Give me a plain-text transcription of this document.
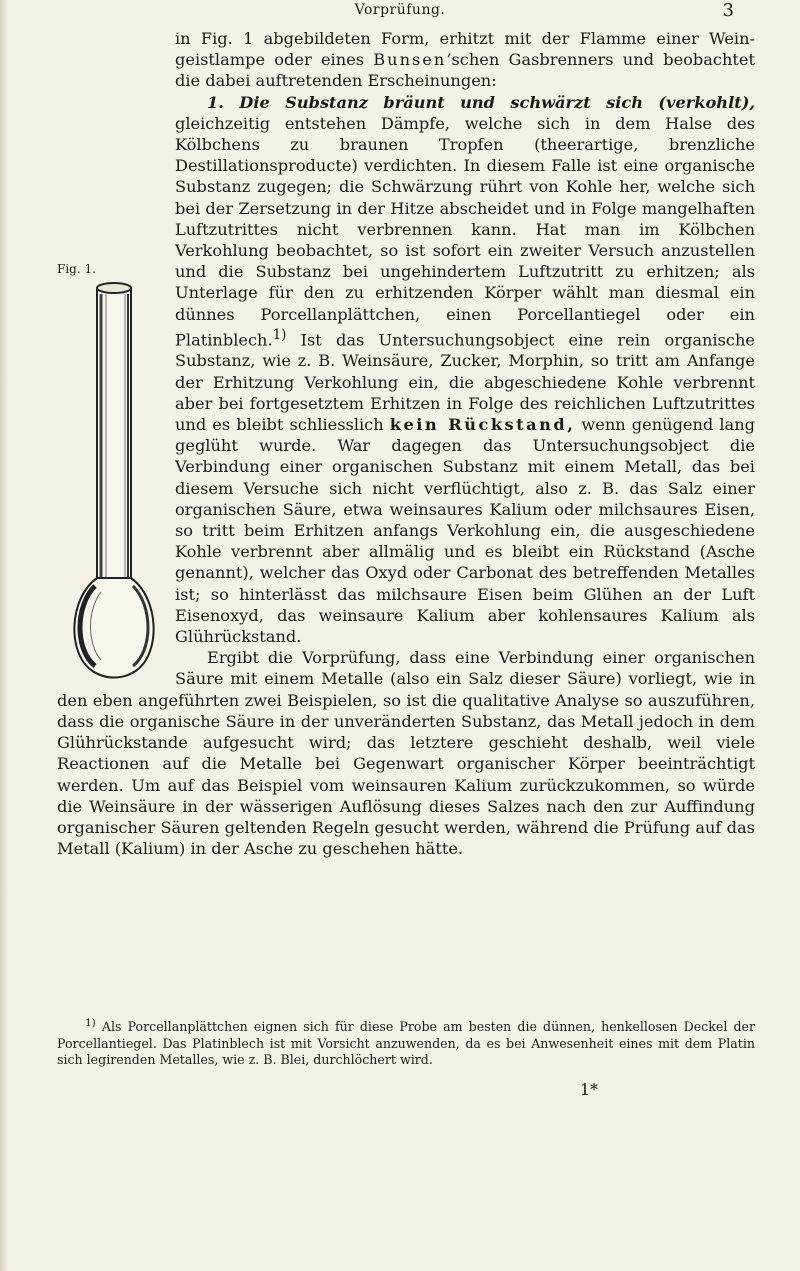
Vorprüfung.	3

in Fig. 1 abgebildeten Form, erhitzt mit der Flamme einer Wein- geistlampe oder eines Bunsen’schen Gasbrenners und beobachtet die dabei auftretenden Erscheinungen:

1. Die Substanz bräunt und schwärzt sich (verkohlt), gleichzeitig entstehen Dämpfe, welche sich in dem Halse des Kölbchens zu braunen Tropfen (theerartige, brenzliche Destillationsproducte) verdichten. In diesem Falle ist eine organische Substanz zugegen; die Schwärzung rührt von Kohle her, welche sich bei der Zersetzung in der Hitze abscheidet und in Folge mangelhaften Luftzutrittes nicht verbrennen kann. Hat man im Kölbchen Verkohlung beobachtet, so ist sofort ein zweiter Versuch anzustellen und die Substanz bei ungehindertem Luftzutritt zu erhitzen; als Unterlage für den zu erhitzenden Körper wählt man diesmal ein dünnes Porcellanplättchen, einen Porcellantiegel oder ein Platinblech.$^{1)}$ Ist das Untersuchungsobject eine rein organische Substanz, wie z. B. Weinsäure, Zucker, Morphin, so tritt am Anfange der Erhitzung Verkohlung ein, die abgeschiedene Kohle verbrennt aber bei fortgesetztem Erhitzen in Folge des reichlichen Luftzutrittes und es bleibt schliesslich kein Rückstand, wenn genügend lang geglüht wurde. War dagegen das Untersuchungsobject die Verbindung einer organischen Substanz mit einem Metall, das bei diesem Versuche sich nicht verflüchtigt, also z. B. das Salz einer organischen Säure, etwa weinsaures Kalium oder milchsaures Eisen, so tritt beim Erhitzen anfangs Verkohlung ein, die ausgeschiedene Kohle verbrennt aber allmälig und es bleibt ein Rückstand (Asche genannt), welcher das Oxyd oder Carbonat des betreffenden Metalles ist; so hinterlässt das milchsaure Eisen beim Glühen an der Luft Eisenoxyd, das weinsaure Kalium aber kohlensaures Kalium als Glührückstand.

Ergibt die Vorprüfung, dass eine Verbindung einer organischen Säure mit einem Metalle (also ein Salz dieser Säure) vorliegt, wie in den eben angeführten zwei Beispielen, so ist die qualitative Analyse so auszuführen, dass die organische Säure in der unveränderten Substanz, das Metall jedoch in dem Glührückstande aufgesucht wird; das letztere geschieht deshalb, weil viele Reactionen auf die Metalle bei Gegenwart organischer Körper beeinträchtigt werden. Um auf das Beispiel vom weinsauren Kalium zurückzukommen, so würde die Weinsäure in der wässerigen Auflösung dieses Salzes nach den zur Auffindung organischer Säuren geltenden Regeln gesucht werden, während die Prüfung auf das Metall (Kalium) in der Asche zu geschehen hätte.

Fig. 1.

$^{1)}$ Als Porcellanplättchen eignen sich für diese Probe am besten die dünnen, henkellosen Deckel der Porcellantiegel. Das Platinblech ist mit Vorsicht anzuwenden, da es bei Anwesenheit eines mit dem Platin sich legirenden Metalles, wie z. B. Blei, durchlöchert wird.

1*
